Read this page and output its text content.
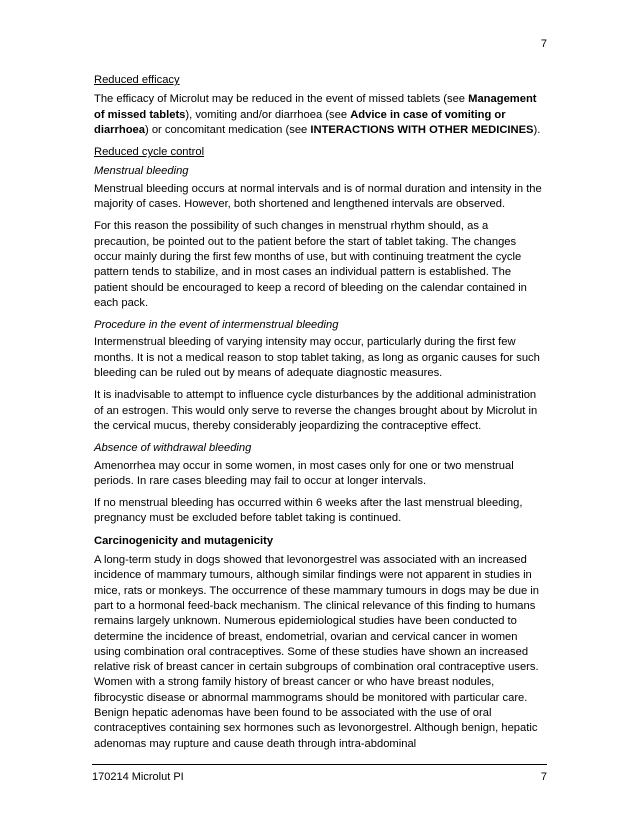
7

Reduced efficacy

The efficacy of Microlut may be reduced in the event of missed tablets (see Management of missed tablets), vomiting and/or diarrhoea (see Advice in case of vomiting or diarrhoea) or concomitant medication (see INTERACTIONS WITH OTHER MEDICINES).

Reduced cycle control

Menstrual bleeding

Menstrual bleeding occurs at normal intervals and is of normal duration and intensity in the majority of cases. However, both shortened and lengthened intervals are observed.

For this reason the possibility of such changes in menstrual rhythm should, as a precaution, be pointed out to the patient before the start of tablet taking. The changes occur mainly during the first few months of use, but with continuing treatment the cycle pattern tends to stabilize, and in most cases an individual pattern is established. The patient should be encouraged to keep a record of bleeding on the calendar contained in each pack.

Procedure in the event of intermenstrual bleeding

Intermenstrual bleeding of varying intensity may occur, particularly during the first few months. It is not a medical reason to stop tablet taking, as long as organic causes for such bleeding can be ruled out by means of adequate diagnostic measures.

It is inadvisable to attempt to influence cycle disturbances by the additional administration of an estrogen. This would only serve to reverse the changes brought about by Microlut in the cervical mucus, thereby considerably jeopardizing the contraceptive effect.

Absence of withdrawal bleeding

Amenorrhea may occur in some women, in most cases only for one or two menstrual periods. In rare cases bleeding may fail to occur at longer intervals.

If no menstrual bleeding has occurred within 6 weeks after the last menstrual bleeding, pregnancy must be excluded before tablet taking is continued.

Carcinogenicity and mutagenicity

A long-term study in dogs showed that levonorgestrel was associated with an increased incidence of mammary tumours, although similar findings were not apparent in studies in mice, rats or monkeys. The occurrence of these mammary tumours in dogs may be due in part to a hormonal feed-back mechanism. The clinical relevance of this finding to humans remains largely unknown. Numerous epidemiological studies have been conducted to determine the incidence of breast, endometrial, ovarian and cervical cancer in women using combination oral contraceptives. Some of these studies have shown an increased relative risk of breast cancer in certain subgroups of combination oral contraceptive users. Women with a strong family history of breast cancer or who have breast nodules, fibrocystic disease or abnormal mammograms should be monitored with particular care. Benign hepatic adenomas have been found to be associated with the use of oral contraceptives containing sex hormones such as levonorgestrel. Although benign, hepatic adenomas may rupture and cause death through intra-abdominal

170214 Microlut PI	7
